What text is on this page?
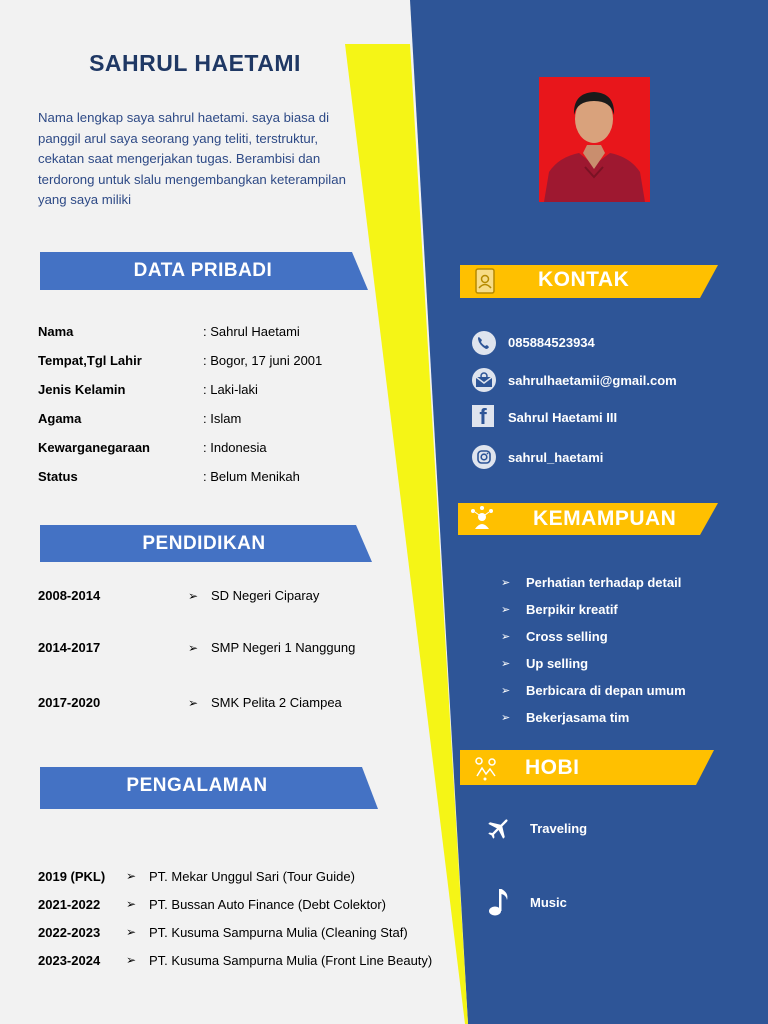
SAHRUL HAETAMI
Nama lengkap saya sahrul haetami. saya biasa di panggil arul saya seorang yang teliti, terstruktur, cekatan saat mengerjakan tugas. Berambisi dan terdorong untuk slalu mengembangkan keterampilan yang saya miliki
DATA PRIBADI
Nama	: Sahrul Haetami
Tempat,Tgl Lahir	: Bogor, 17 juni 2001
Jenis Kelamin	: Laki-laki
Agama	: Islam
Kewarganegaraan	: Indonesia
Status	: Belum Menikah
PENDIDIKAN
2008-2014	➢ SD Negeri Ciparay
2014-2017	➢ SMP Negeri 1 Nanggung
2017-2020	➢ SMK Pelita 2 Ciampea
PENGALAMAN
2019 (PKL)	➢ PT. Mekar Unggul Sari (Tour Guide)
2021-2022	➢ PT. Bussan Auto Finance (Debt Colektor)
2022-2023	➢ PT. Kusuma Sampurna Mulia (Cleaning Staf)
2023-2024	➢ PT. Kusuma Sampurna Mulia (Front Line Beauty)
KONTAK
085884523934
sahrulhaetamii@gmail.com
f Sahrul Haetami III
sahrul_haetami
KEMAMPUAN
➢	Perhatian terhadap detail
➢	Berpikir kreatif
➢	Cross selling
➢	Up selling
➢	Berbicara di depan umum
➢	Bekerjasama tim
HOBI
Traveling
Music
